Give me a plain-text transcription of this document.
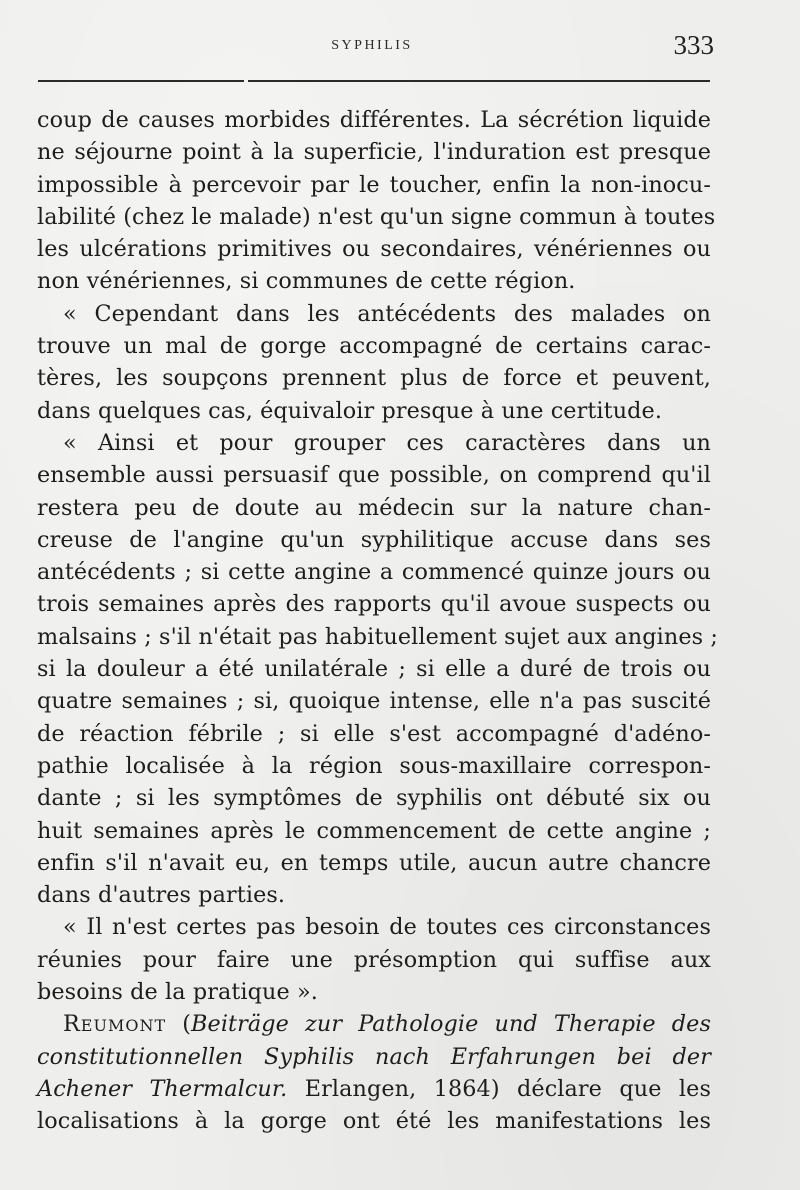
SYPHILIS	333
coup de causes morbides différentes. La sécrétion liquide
ne séjourne point à la superficie, l'induration est presque
impossible à percevoir par le toucher, enfin la non-inocu-
labilité (chez le malade) n'est qu'un signe commun à toutes
les ulcérations primitives ou secondaires, vénériennes ou
non vénériennes, si communes de cette région.
« Cependant dans les antécédents des malades on
trouve un mal de gorge accompagné de certains carac-
tères, les soupçons prennent plus de force et peuvent,
dans quelques cas, équivaloir presque à une certitude.
« Ainsi et pour grouper ces caractères dans un
ensemble aussi persuasif que possible, on comprend qu'il
restera peu de doute au médecin sur la nature chan-
creuse de l'angine qu'un syphilitique accuse dans ses
antécédents ; si cette angine a commencé quinze jours ou
trois semaines après des rapports qu'il avoue suspects ou
malsains ; s'il n'était pas habituellement sujet aux angines ;
si la douleur a été unilatérale ; si elle a duré de trois ou
quatre semaines ; si, quoique intense, elle n'a pas suscité
de réaction fébrile ; si elle s'est accompagné d'adéno-
pathie localisée à la région sous-maxillaire correspon-
dante ; si les symptômes de syphilis ont débuté six ou
huit semaines après le commencement de cette angine ;
enfin s'il n'avait eu, en temps utile, aucun autre chancre
dans d'autres parties.
« Il n'est certes pas besoin de toutes ces circonstances
réunies pour faire une présomption qui suffise aux
besoins de la pratique ».
Reumont (Beiträge zur Pathologie und Therapie des
constitutionnellen Syphilis nach Erfahrungen bei der
Achener Thermalcur. Erlangen, 1864) déclare que les
localisations à la gorge ont été les manifestations les
